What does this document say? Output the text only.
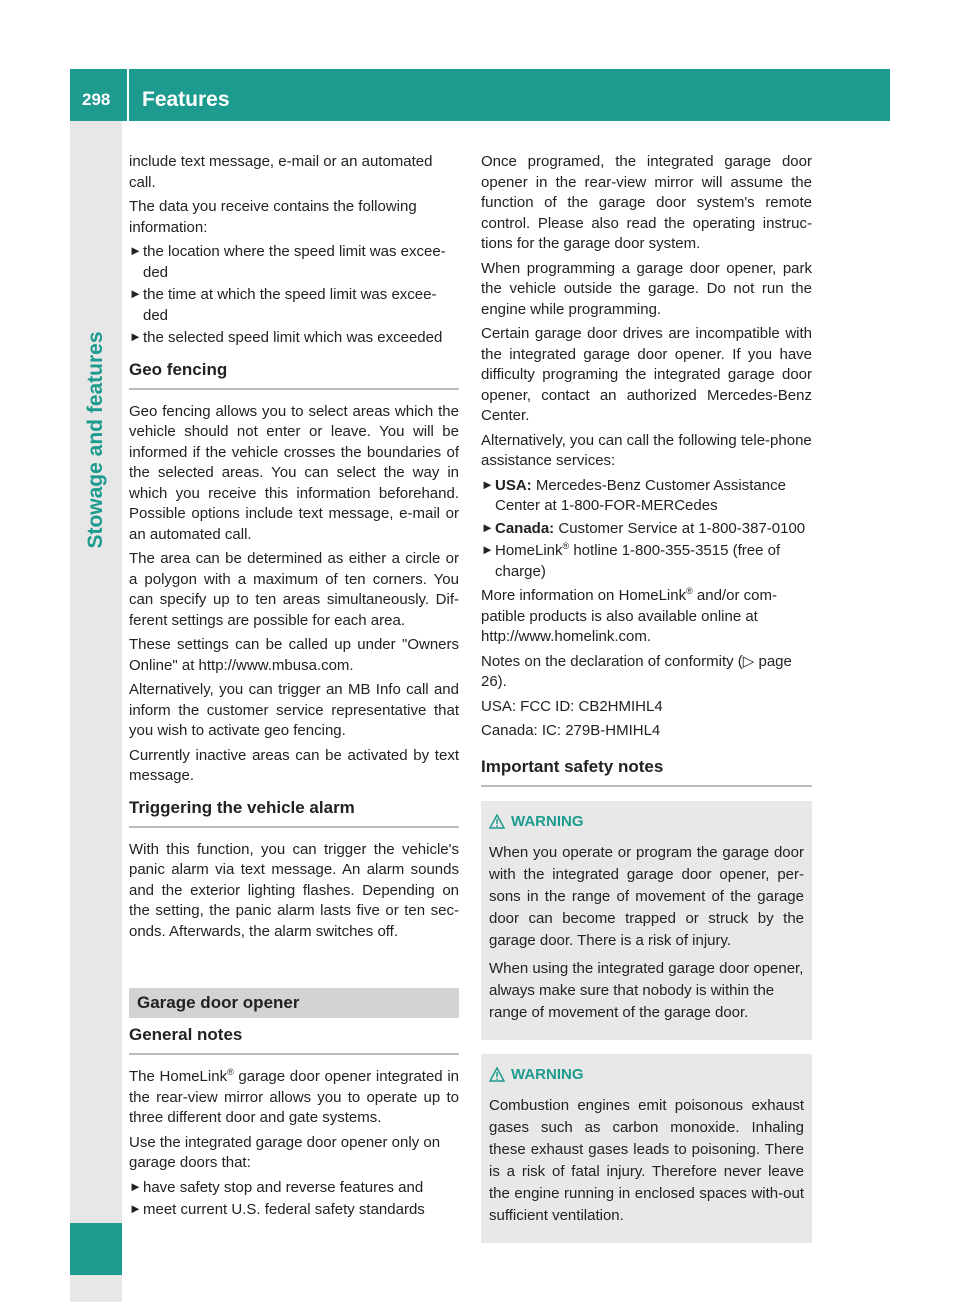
298 Features
Stowage and features

include text message, e-mail or an automated call.

The data you receive contains the following information:

► the location where the speed limit was excee-ded
► the time at which the speed limit was excee-ded
► the selected speed limit which was exceeded
Geo fencing

Geo fencing allows you to select areas which the vehicle should not enter or leave. You will be informed if the vehicle crosses the boundaries of the selected areas. You can select the way in which you receive this information beforehand. Possible options include text message, e-mail or an automated call.

The area can be determined as either a circle or a polygon with a maximum of ten corners. You can specify up to ten areas simultaneously. Dif-ferent settings are possible for each area.

These settings can be called up under "Owners Online" at http://www.mbusa.com.

Alternatively, you can trigger an MB Info call and inform the customer service representative that you wish to activate geo fencing.

Currently inactive areas can be activated by text message.

Triggering the vehicle alarm

With this function, you can trigger the vehicle's panic alarm via text message. An alarm sounds and the exterior lighting flashes. Depending on the setting, the panic alarm lasts five or ten sec-onds. Afterwards, the alarm switches off.

Garage door opener
General notes

The HomeLink® garage door opener integrated in the rear-view mirror allows you to operate up to three different door and gate systems.

Use the integrated garage door opener only on garage doors that:

► have safety stop and reverse features and
► meet current U.S. federal safety standards

Once programed, the integrated garage door opener in the rear-view mirror will assume the function of the garage door system's remote control. Please also read the operating instruc-tions for the garage door system.

When programming a garage door opener, park the vehicle outside the garage. Do not run the engine while programming.

Certain garage door drives are incompatible with the integrated garage door opener. If you have difficulty programing the integrated garage door opener, contact an authorized Mercedes-Benz Center.

Alternatively, you can call the following tele-phone assistance services:

► USA: Mercedes-Benz Customer Assistance Center at 1-800-FOR-MERCedes
► Canada: Customer Service at 1-800-387-0100
► HomeLink® hotline 1-800-355-3515 (free of charge)

More information on HomeLink® and/or com-patible products is also available online at http://www.homelink.com.

Notes on the declaration of conformity (▷ page 26).

USA: FCC ID: CB2HMIHL4

Canada: IC: 279B-HMIHL4

Important safety notes
WARNING

When you operate or program the garage door with the integrated garage door opener, per-sons in the range of movement of the garage door can become trapped or struck by the garage door. There is a risk of injury.

When using the integrated garage door opener, always make sure that nobody is within the range of movement of the garage door.

WARNING

Combustion engines emit poisonous exhaust gases such as carbon monoxide. Inhaling these exhaust gases leads to poisoning. There is a risk of fatal injury. Therefore never leave the engine running in enclosed spaces with-out sufficient ventilation.
